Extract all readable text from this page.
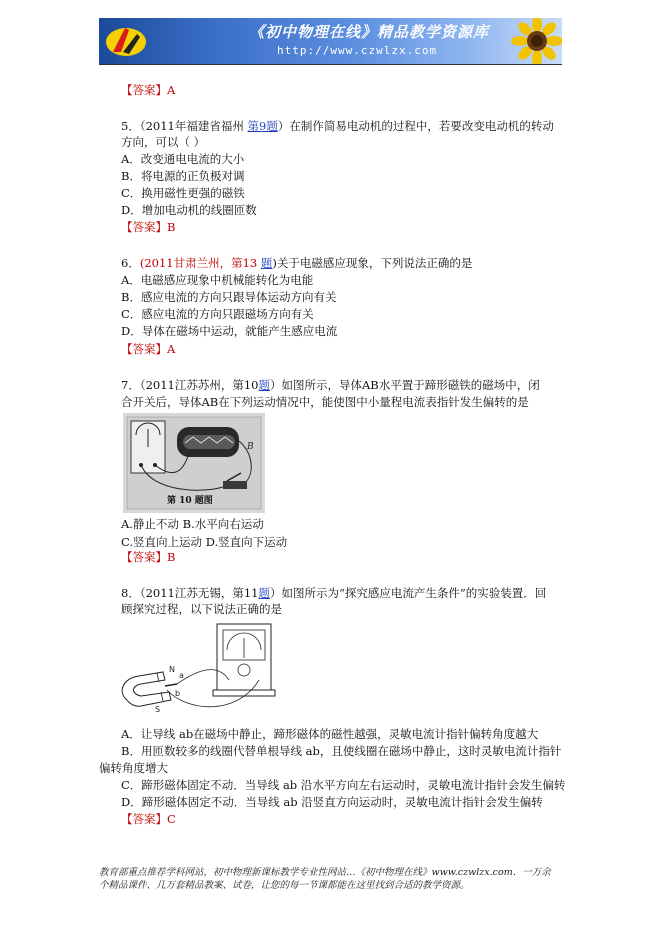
《初中物理在线》精品教学资源库
http://www.czwlzx.com
【答案】A
5．（2011年福建省福州 第9题）在制作简易电动机的过程中，若要改变电动机的转动
方向，可以（ ）
A．改变通电电流的大小
B．将电源的正负极对调
C．换用磁性更强的磁铁
D．增加电动机的线圈匝数
【答案】B
6．(2011甘肃兰州，第13 题)关于电磁感应现象，下列说法正确的是
A．电磁感应现象中机械能转化为电能
B．感应电流的方向只跟导体运动方向有关
C．感应电流的方向只跟磁场方向有关
D．导体在磁场中运动，就能产生感应电流
【答案】A
7．（2011江苏苏州，第10题）如图所示，导体AB水平置于蹄形磁铁的磁场中，闭
合开关后，导体AB在下列运动情况中，能使图中小量程电流表指针发生偏转的是
B
第 10 题图
A.静止不动 B.水平向右运动
C.竖直向上运动 D.竖直向下运动
【答案】B
8．（2011江苏无锡，第11题）如图所示为“探究感应电流产生条件”的实验装置．回
顾探究过程，以下说法正确的是
N
S
a
b
A．让导线 ab在磁场中静止，蹄形磁体的磁性越强，灵敏电流计指针偏转角度越大
B．用匝数较多的线圈代替单根导线 ab，且使线圈在磁场中静止，这时灵敏电流计指针
偏转角度增大
C．蹄形磁体固定不动．当导线 ab 沿水平方向左右运动时，灵敏电流计指针会发生偏转
D．蹄形磁体固定不动．当导线 ab 沿竖直方向运动时，灵敏电流计指针会发生偏转
【答案】C
教育部重点推荐学科网站，初中物理新课标教学专业性网站…《初中物理在线》www.czwlzx.com．一万余
个精品课件、几万套精品教案、试卷，让您的每一节课都能在这里找到合适的教学资源。
